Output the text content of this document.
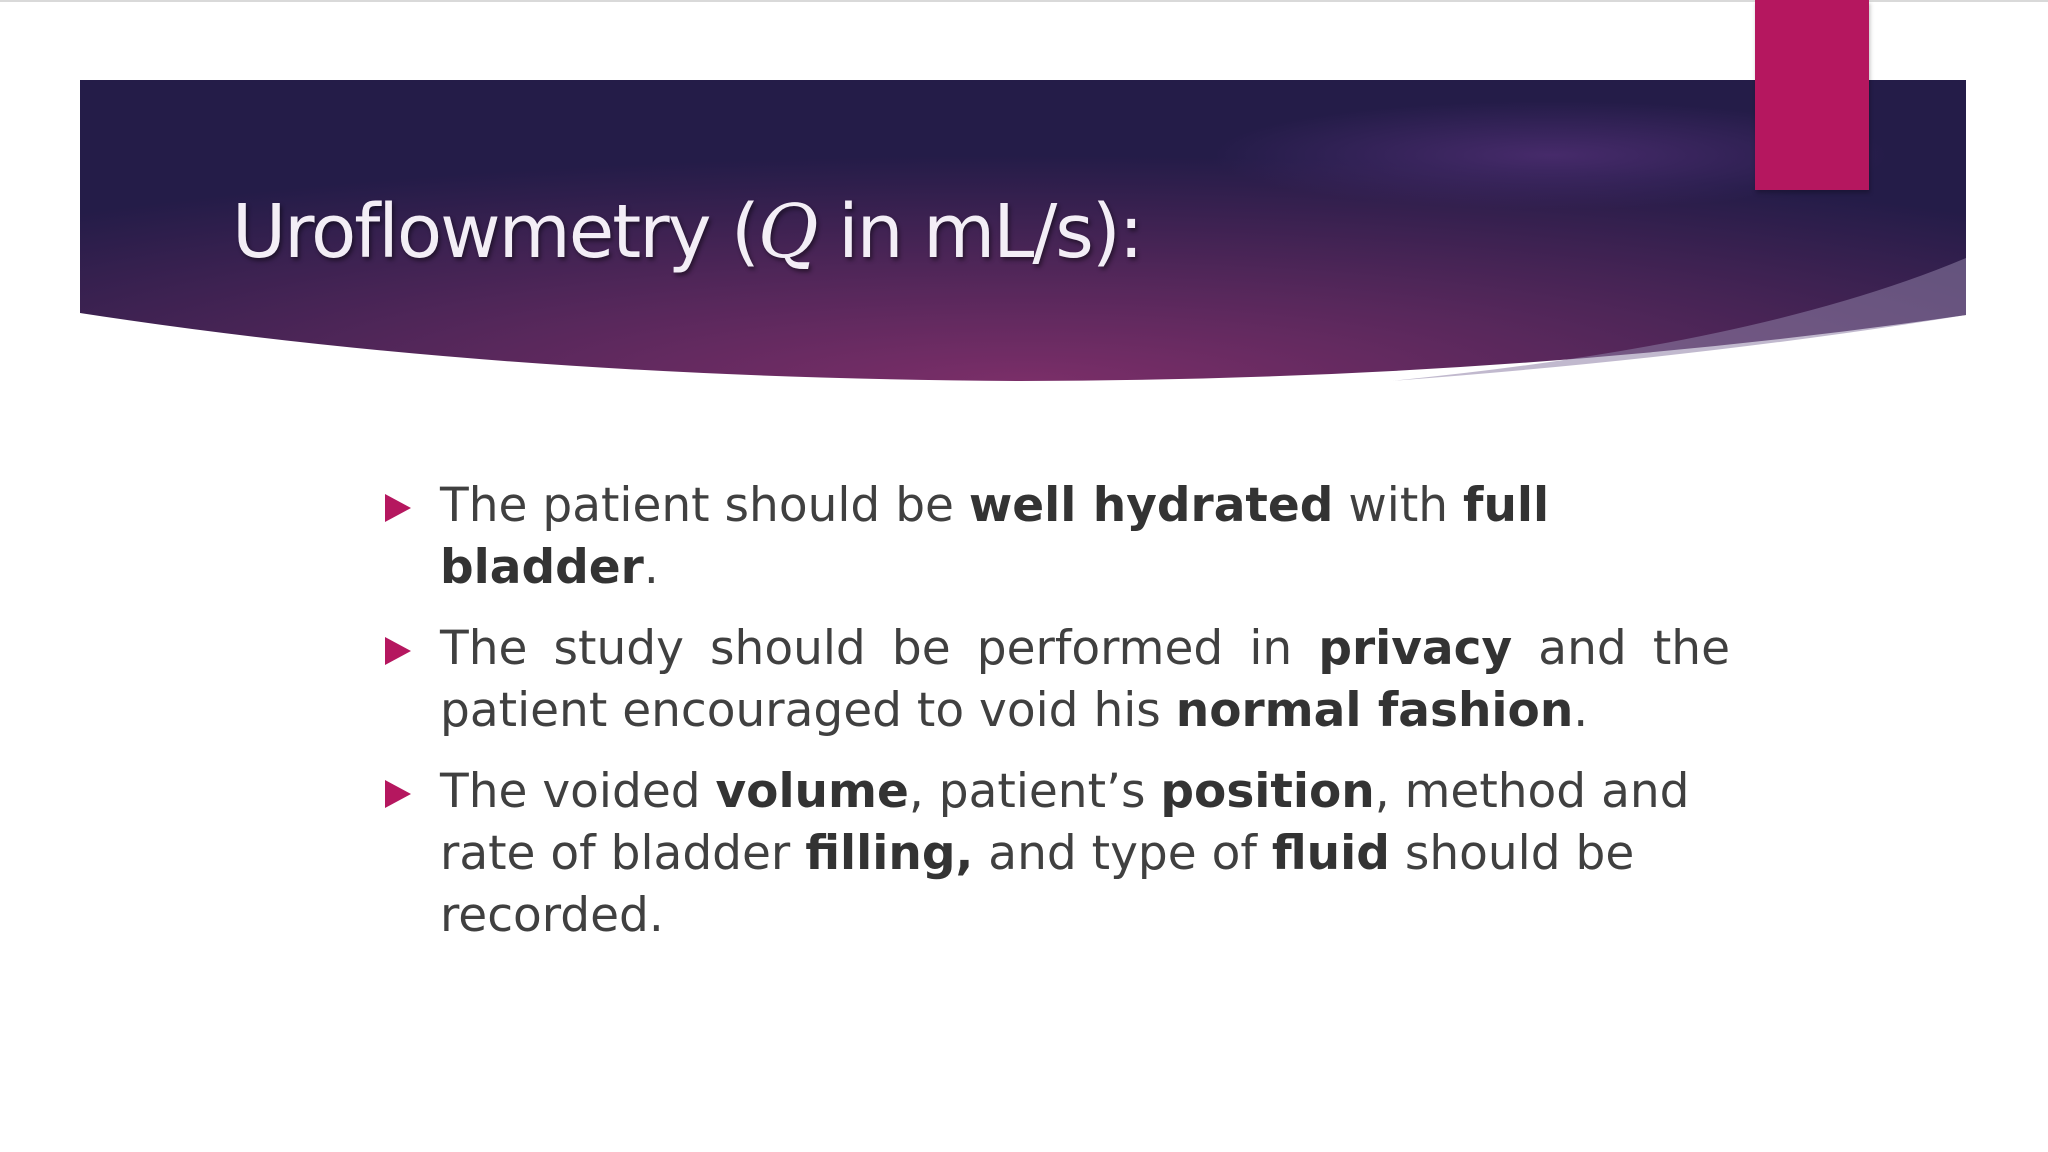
Uroflowmetry (Q in mL/s):
The patient should be well hydrated with full bladder.
The study should be performed in privacy and the patient encouraged to void his normal fashion.
The voided volume, patient’s position, method and rate of bladder filling, and type of fluid should be recorded.
